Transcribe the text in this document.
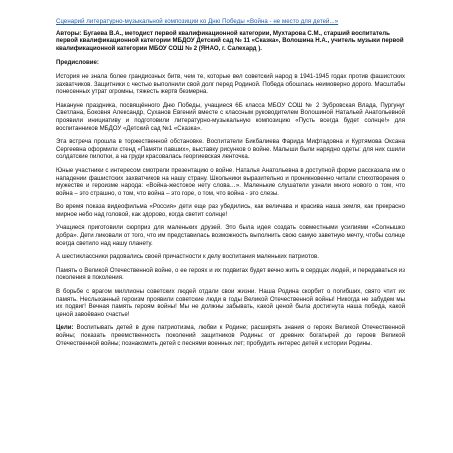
Сценарий литературно-музыкальной композиции ко Дню Победы «Война - не место для детей...»

Авторы: Бугаева В.А., методист первой квалификационной категории, Мухтарова С.М., старший воспитатель первой квалификационной категории МБДОУ Детский сад № 11 «Сказка», Волошина Н.А., учитель музыки первой квалификационной категории МБОУ СОШ № 2 (ЯНАО, г. Салехард ).

Предисловие:

История не знала более грандиозных битв, чем те, которые вел советский народ в 1941-1945 годах против фашистских захватчиков. Защитники с честью выполнили свой долг перед Родиной. Победа обошлась неимоверно дорого. Масштабы понесенных утрат огромны, тяжесть жертв безмерна.

Накануне праздника, посвящённого Дню Победы, учащиеся 6Б класса МБОУ СОШ № 2 Зубровская Влада, Пургунуг Светлана, Боковня Александр, Суханов Евгений вместе с классным руководителем Волошиной Натальей Анатольевной проявили инициативу и подготовили литературно-музыкальную композицию «Пусть всегда будет солнце!» для воспитанников МБДОУ «Детский сад №1 «Сказка».

Эта встреча прошла в торжественной обстановке. Воспитатели Бикбалиева Фарида Мифтадовна и Куртямова Оксана Сергеевна оформили стенд «Памяти павших», выставку рисунков о войне. Малыши были нарядно одеты: для них сшили солдатские пилотки, а на груди красовалась георгиевская ленточка.

Юные участники с интересом смотрели презентацию о войне. Наталья Анатольевна в доступной форме рассказала им о нападении фашистских захватчиков на нашу страну. Школьники выразительно и проникновенно читали стихотворения о мужестве и героизме народа: «Война-жестокое нету слова…». Маленькие слушатели узнали много нового о том, что война – это страшно, о том, что война – это горе, о том, что война - это слезы.

Во время показа видеофильма «Россия» дети еще раз убедились, как величава и красива наша земля, как прекрасно мирное небо над головой, как здорово, когда светит солнце!

Учащиеся приготовили сюрприз для маленьких друзей. Это была идея создать совместными усилиями «Солнышко добра». Дети ликовали от того, что им представилась возможность выполнить свою самую заветную мечту, чтобы солнце всегда светило над нашу планету.

А шестиклассники радовались своей причастности к делу воспитания маленьких патриотов.

Память о Великой Отечественной войне, о ее героях и их подвигах будет вечно жить в сердцах людей, и передаваться из поколения в поколения.

В борьбе с врагом миллионы советских людей отдали свои жизни. Наша Родина скорбит о погибших, свято чтит их память. Неслыханный героизм проявили советские люди в годы Великой Отечественной войны! Никогда не забудем мы их подвиг! Вечная память героям войны! Мы не должны забывать, какой ценой была достигнута наша победа, какой ценой завоёвано счастье!

Цели: Воспитывать детей в духе патриотизма, любви к Родине; расширять знания о героях Великой Отечественной войны; показать преемственность поколений защитников Родины: от древних богатырей до героев Великой Отечественной войны; познакомить детей с песнями военных лет; пробудить интерес детей к истории Родины.
